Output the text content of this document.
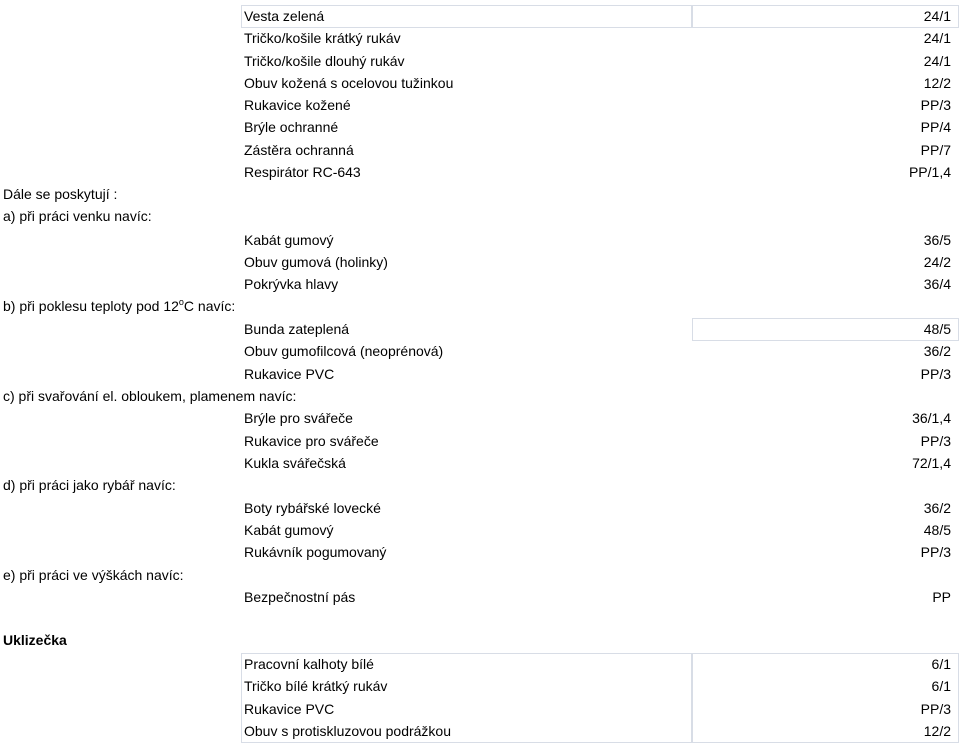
Vesta zelená	24/1
Tričko/košile krátký rukáv	24/1
Tričko/košile dlouhý rukáv	24/1
Obuv kožená s ocelovou tužinkou	12/2
Rukavice kožené	PP/3
Brýle ochranné	PP/4
Zástěra ochranná	PP/7
Respirátor RC-643	PP/1,4
Dále se poskytují :
a) při práci venku navíc:
Kabát gumový	36/5
Obuv gumová (holinky)	24/2
Pokrývka hlavy	36/4
b) při poklesu teploty pod 12$^o$C navíc:
Bunda zateplená	48/5
Obuv gumofilcová (neoprénová)	36/2
Rukavice PVC	PP/3
c) při svařování el. obloukem, plamenem navíc:
Brýle pro svářeče	36/1,4
Rukavice pro svářeče	PP/3
Kukla svářečská	72/1,4
d) při práci jako rybář navíc:
Boty rybářské lovecké	36/2
Kabát gumový	48/5
Rukávník pogumovaný	PP/3
e) při práci ve výškách navíc:
Bezpečnostní pás	PP
Uklizečka
Pracovní kalhoty bílé	6/1
Tričko bílé krátký rukáv	6/1
Rukavice PVC	PP/3
Obuv s protiskluzovou podrážkou	12/2
